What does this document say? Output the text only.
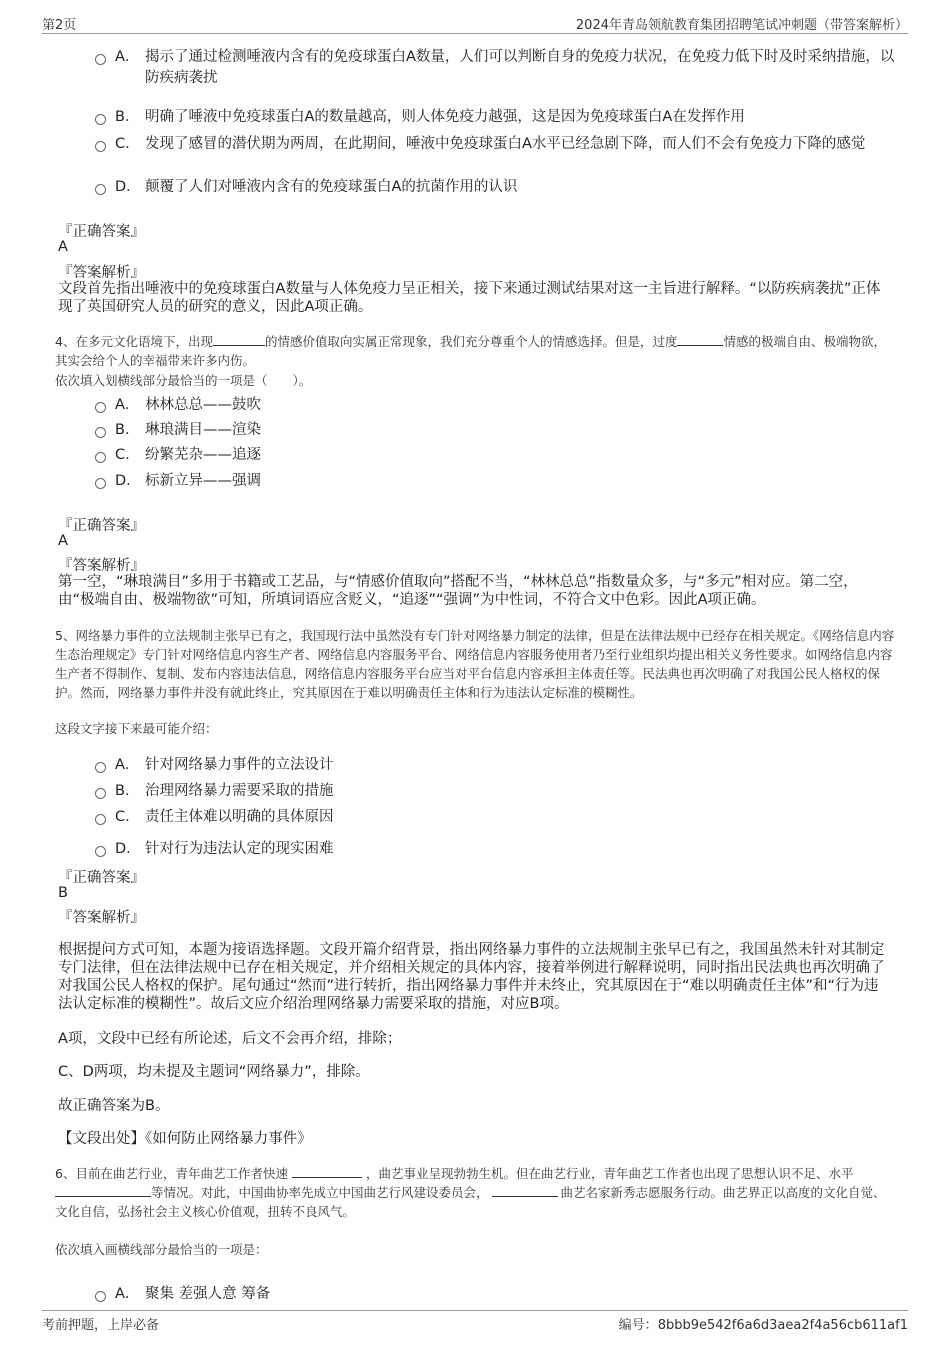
第2页	2024年青岛领航教育集团招聘笔试冲刺题（带答案解析）
A． 揭示了通过检测唾液内含有的免疫球蛋白A数量，人们可以判断自身的免疫力状况，在免疫力低下时及时采纳措施，以防疾病袭扰
B． 明确了唾液中免疫球蛋白A的数量越高，则人体免疫力越强，这是因为免疫球蛋白A在发挥作用
C． 发现了感冒的潜伏期为两周，在此期间，唾液中免疫球蛋白A水平已经急剧下降，而人们不会有免疫力下降的感觉
D． 颠覆了人们对唾液内含有的免疫球蛋白A的抗菌作用的认识
『正确答案』
A
『答案解析』
文段首先指出唾液中的免疫球蛋白A数量与人体免疫力呈正相关，接下来通过测试结果对这一主旨进行解释。“以防疾病袭扰”正体现了英国研究人员的研究的意义，因此A项正确。
4、在多元文化语境下，出现	的情感价值取向实属正常现象，我们充分尊重个人的情感选择。但是，过度	情感的极端自由、极端物欲，其实会给个人的幸福带来许多内伤。
依次填入划横线部分最恰当的一项是（　　）。
A． 林林总总——鼓吹
B． 琳琅满目——渲染
C． 纷繁芜杂——追逐
D． 标新立异——强调
『正确答案』
A
『答案解析』
第一空，“琳琅满目”多用于书籍或工艺品，与“情感价值取向”搭配不当，“林林总总”指数量众多，与“多元”相对应。第二空，由“极端自由、极端物欲”可知，所填词语应含贬义，“追逐”“强调”为中性词，不符合文中色彩。因此A项正确。
5、网络暴力事件的立法规制主张早已有之，我国现行法中虽然没有专门针对网络暴力制定的法律，但是在法律法规中已经存在相关规定。《网络信息内容生态治理规定》专门针对网络信息内容生产者、网络信息内容服务平台、网络信息内容服务使用者乃至行业组织均提出相关义务性要求。如网络信息内容生产者不得制作、复制、发布内容违法信息，网络信息内容服务平台应当对平台信息内容承担主体责任等。民法典也再次明确了对我国公民人格权的保护。然而，网络暴力事件并没有就此终止，究其原因在于难以明确责任主体和行为违法认定标准的模糊性。
这段文字接下来最可能介绍：
A． 针对网络暴力事件的立法设计
B． 治理网络暴力需要采取的措施
C． 责任主体难以明确的具体原因
D． 针对行为违法认定的现实困难
『正确答案』
B
『答案解析』
根据提问方式可知，本题为接语选择题。文段开篇介绍背景，指出网络暴力事件的立法规制主张早已有之，我国虽然未针对其制定专门法律，但在法律法规中已存在相关规定，并介绍相关规定的具体内容，接着举例进行解释说明，同时指出民法典也再次明确了对我国公民人格权的保护。尾句通过“然而”进行转折，指出网络暴力事件并未终止，究其原因在于“难以明确责任主体”和“行为违法认定标准的模糊性”。故后文应介绍治理网络暴力需要采取的措施，对应B项。
A项，文段中已经有所论述，后文不会再介绍，排除；
C、D两项，均未提及主题词“网络暴力”，排除。
故正确答案为B。
【文段出处】《如何防止网络暴力事件》
6、目前在曲艺行业，青年曲艺工作者快速	，曲艺事业呈现勃勃生机。但在曲艺行业，青年曲艺工作者也出现了思想认识不足、水平等情况。对此，中国曲协率先成立中国曲艺行风建设委员会，	曲艺名家新秀志愿服务行动。曲艺界正以高度的文化自觉、文化自信，弘扬社会主义核心价值观，扭转不良风气。
依次填入画横线部分最恰当的一项是：
A． 聚集 差强人意 筹备
考前押题，上岸必备	编号：8bbb9e542f6a6d3aea2f4a56cb611af1
